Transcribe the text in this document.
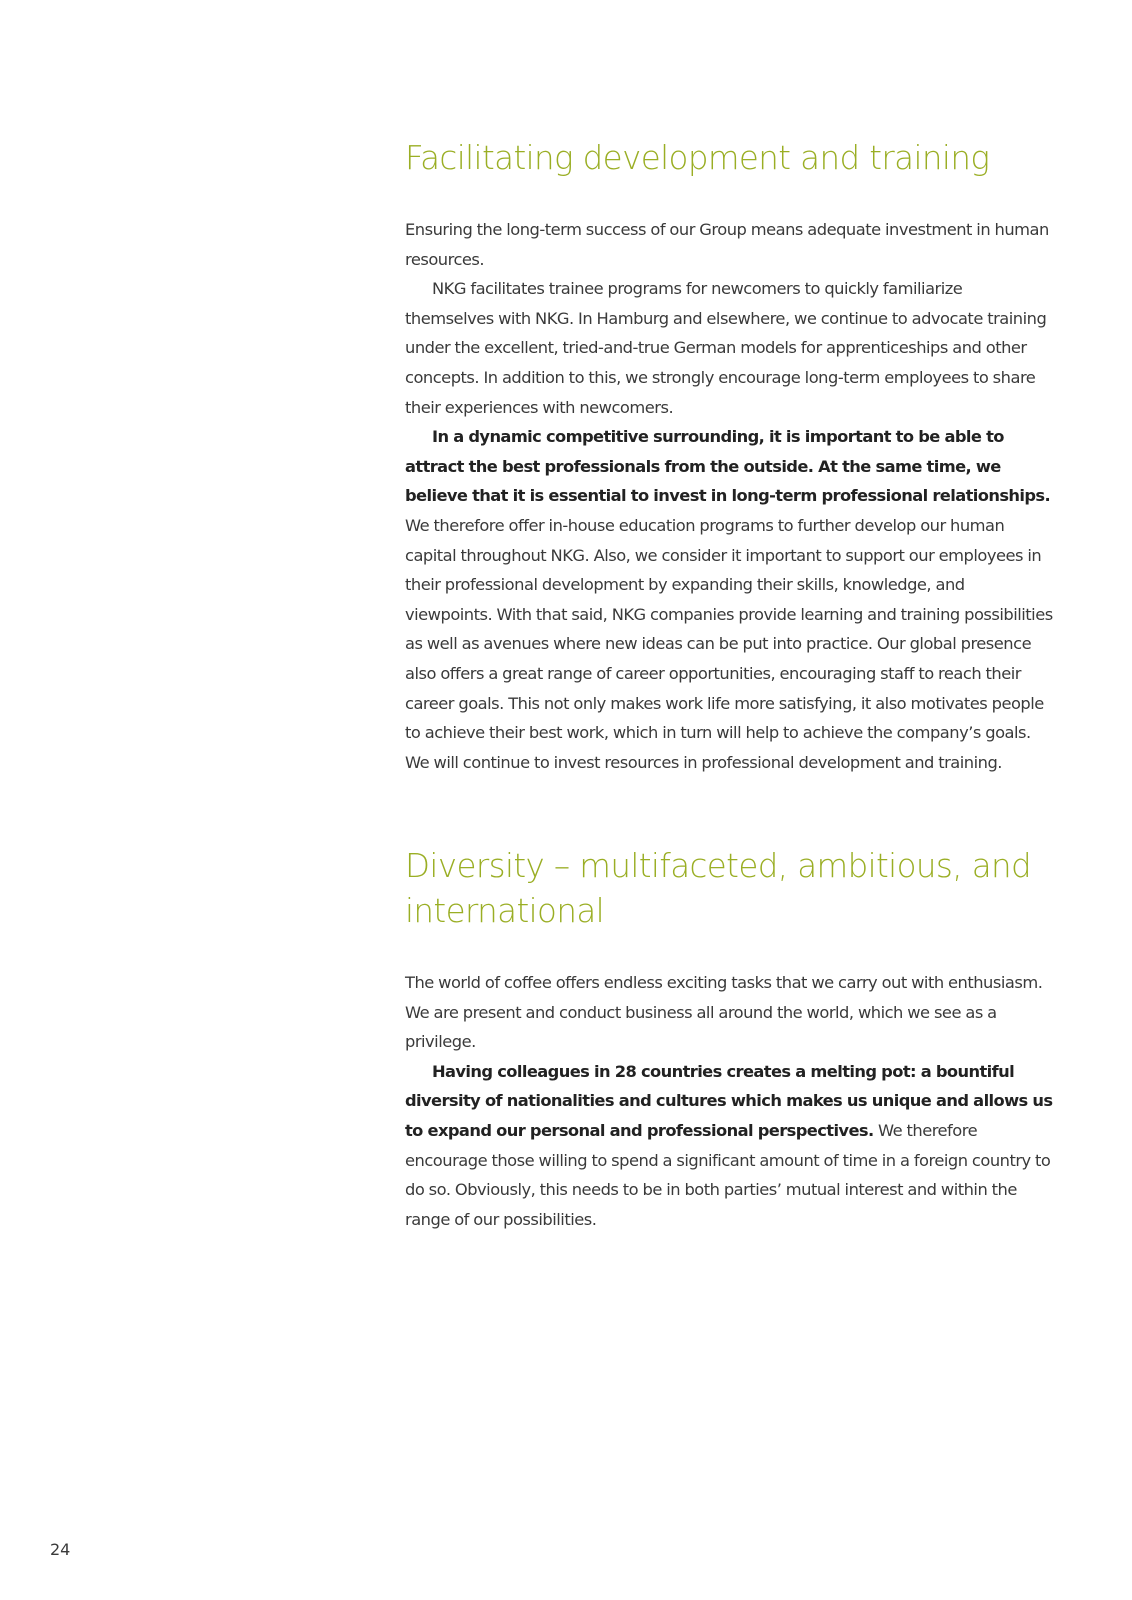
Facilitating development and training

Ensuring the long-term success of our Group means adequate investment in human resources.

NKG facilitates trainee programs for newcomers to quickly familiarize themselves with NKG. In Hamburg and elsewhere, we continue to advocate training under the excellent, tried-and-true German models for apprenticeships and other concepts. In addition to this, we strongly encourage long-term employees to share their experiences with newcomers.

In a dynamic competitive surrounding, it is important to be able to attract the best professionals from the outside. At the same time, we believe that it is essential to invest in long-term professional relationships. We therefore offer in-house education programs to further develop our human capital throughout NKG. Also, we consider it important to support our employees in their professional development by expanding their skills, knowledge, and viewpoints. With that said, NKG companies provide learning and training possibilities as well as avenues where new ideas can be put into practice. Our global presence also offers a great range of career opportunities, encouraging staff to reach their career goals. This not only makes work life more satisfying, it also motivates people to achieve their best work, which in turn will help to achieve the company’s goals. We will continue to invest resources in professional development and training.

Diversity – multifaceted, ambitious, and international

The world of coffee offers endless exciting tasks that we carry out with enthusiasm. We are present and conduct business all around the world, which we see as a privilege.

Having colleagues in 28 countries creates a melting pot: a bountiful diversity of nationalities and cultures which makes us unique and allows us to expand our personal and professional perspectives. We therefore encourage those willing to spend a significant amount of time in a foreign country to do so. Obviously, this needs to be in both parties’ mutual interest and within the range of our possibilities.

24
